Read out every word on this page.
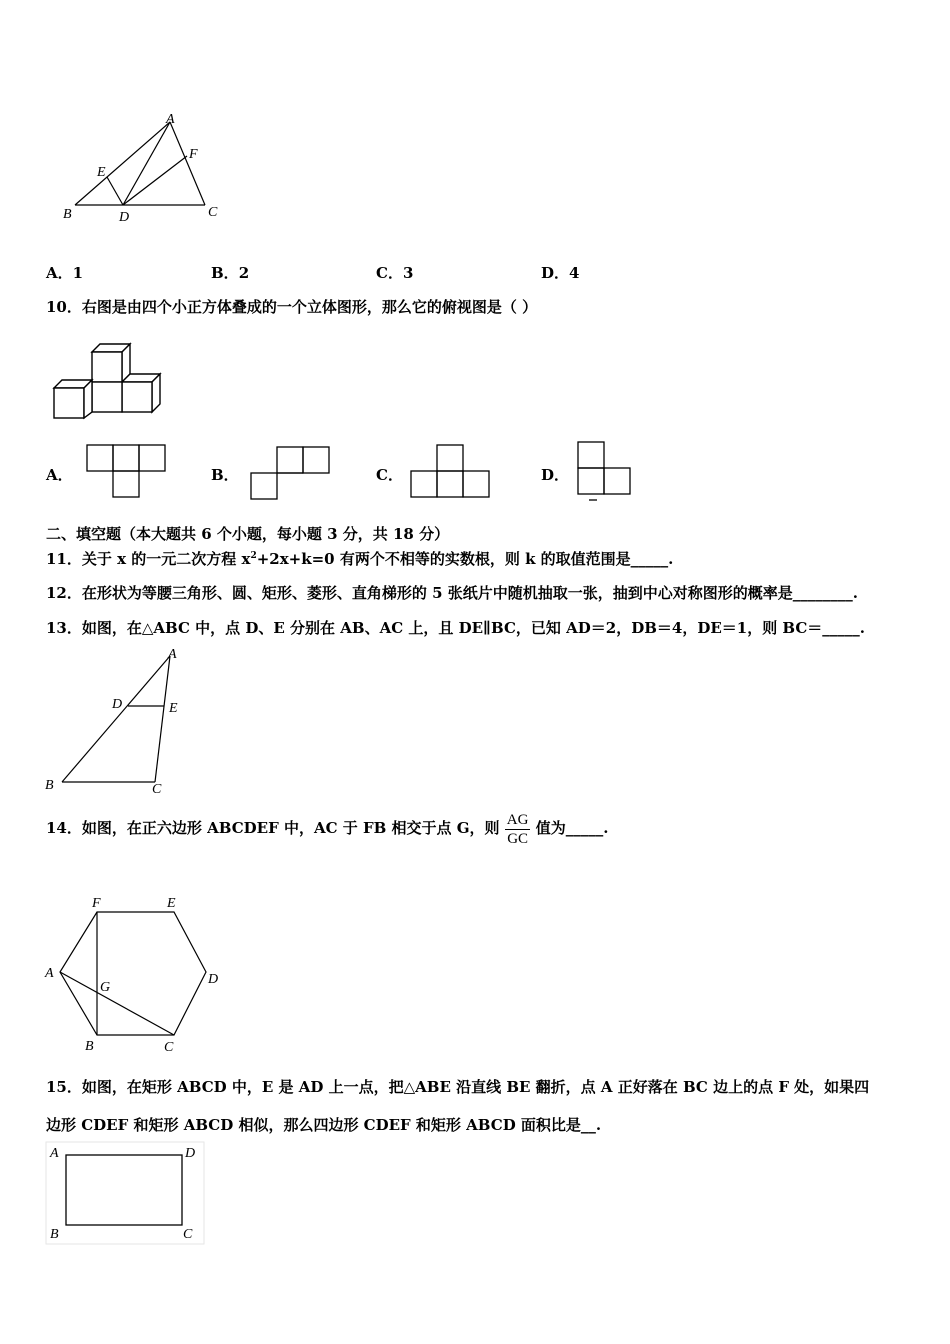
A
F
E
B	D	C
A．1	B．2	C．3	D．4
10．右图是由四个小正方体叠成的一个立体图形，那么它的俯视图是（ ）
A．	B．	C．	D．
二、填空题（本大题共 6 个小题，每小题 3 分，共 18 分）
11．关于 x 的一元二次方程 $x^2+2x+k=0$ 有两个不相等的实数根，则 k 的取值范围是_____.
12．在形状为等腰三角形、圆、矩形、菱形、直角梯形的 5 张纸片中随机抽取一张，抽到中心对称图形的概率是________.
13．如图，在△ABC 中，点 D、E 分别在 AB、AC 上，且 DE∥BC，已知 AD＝2，DB＝4，DE＝1，则 BC＝_____.
A
D	E
B	C
14．如图，在正六边形 ABCDEF 中，AC 于 FB 相交于点 G，则 $\frac{AG}{GC}$ 值为_____.
F	E
A
G
D
B	C
15．如图，在矩形 ABCD 中，E 是 AD 上一点，把△ABE 沿直线 BE 翻折，点 A 正好落在 BC 边上的点 F 处，如果四
边形 CDEF 和矩形 ABCD 相似，那么四边形 CDEF 和矩形 ABCD 面积比是__.
A	D
B	C
